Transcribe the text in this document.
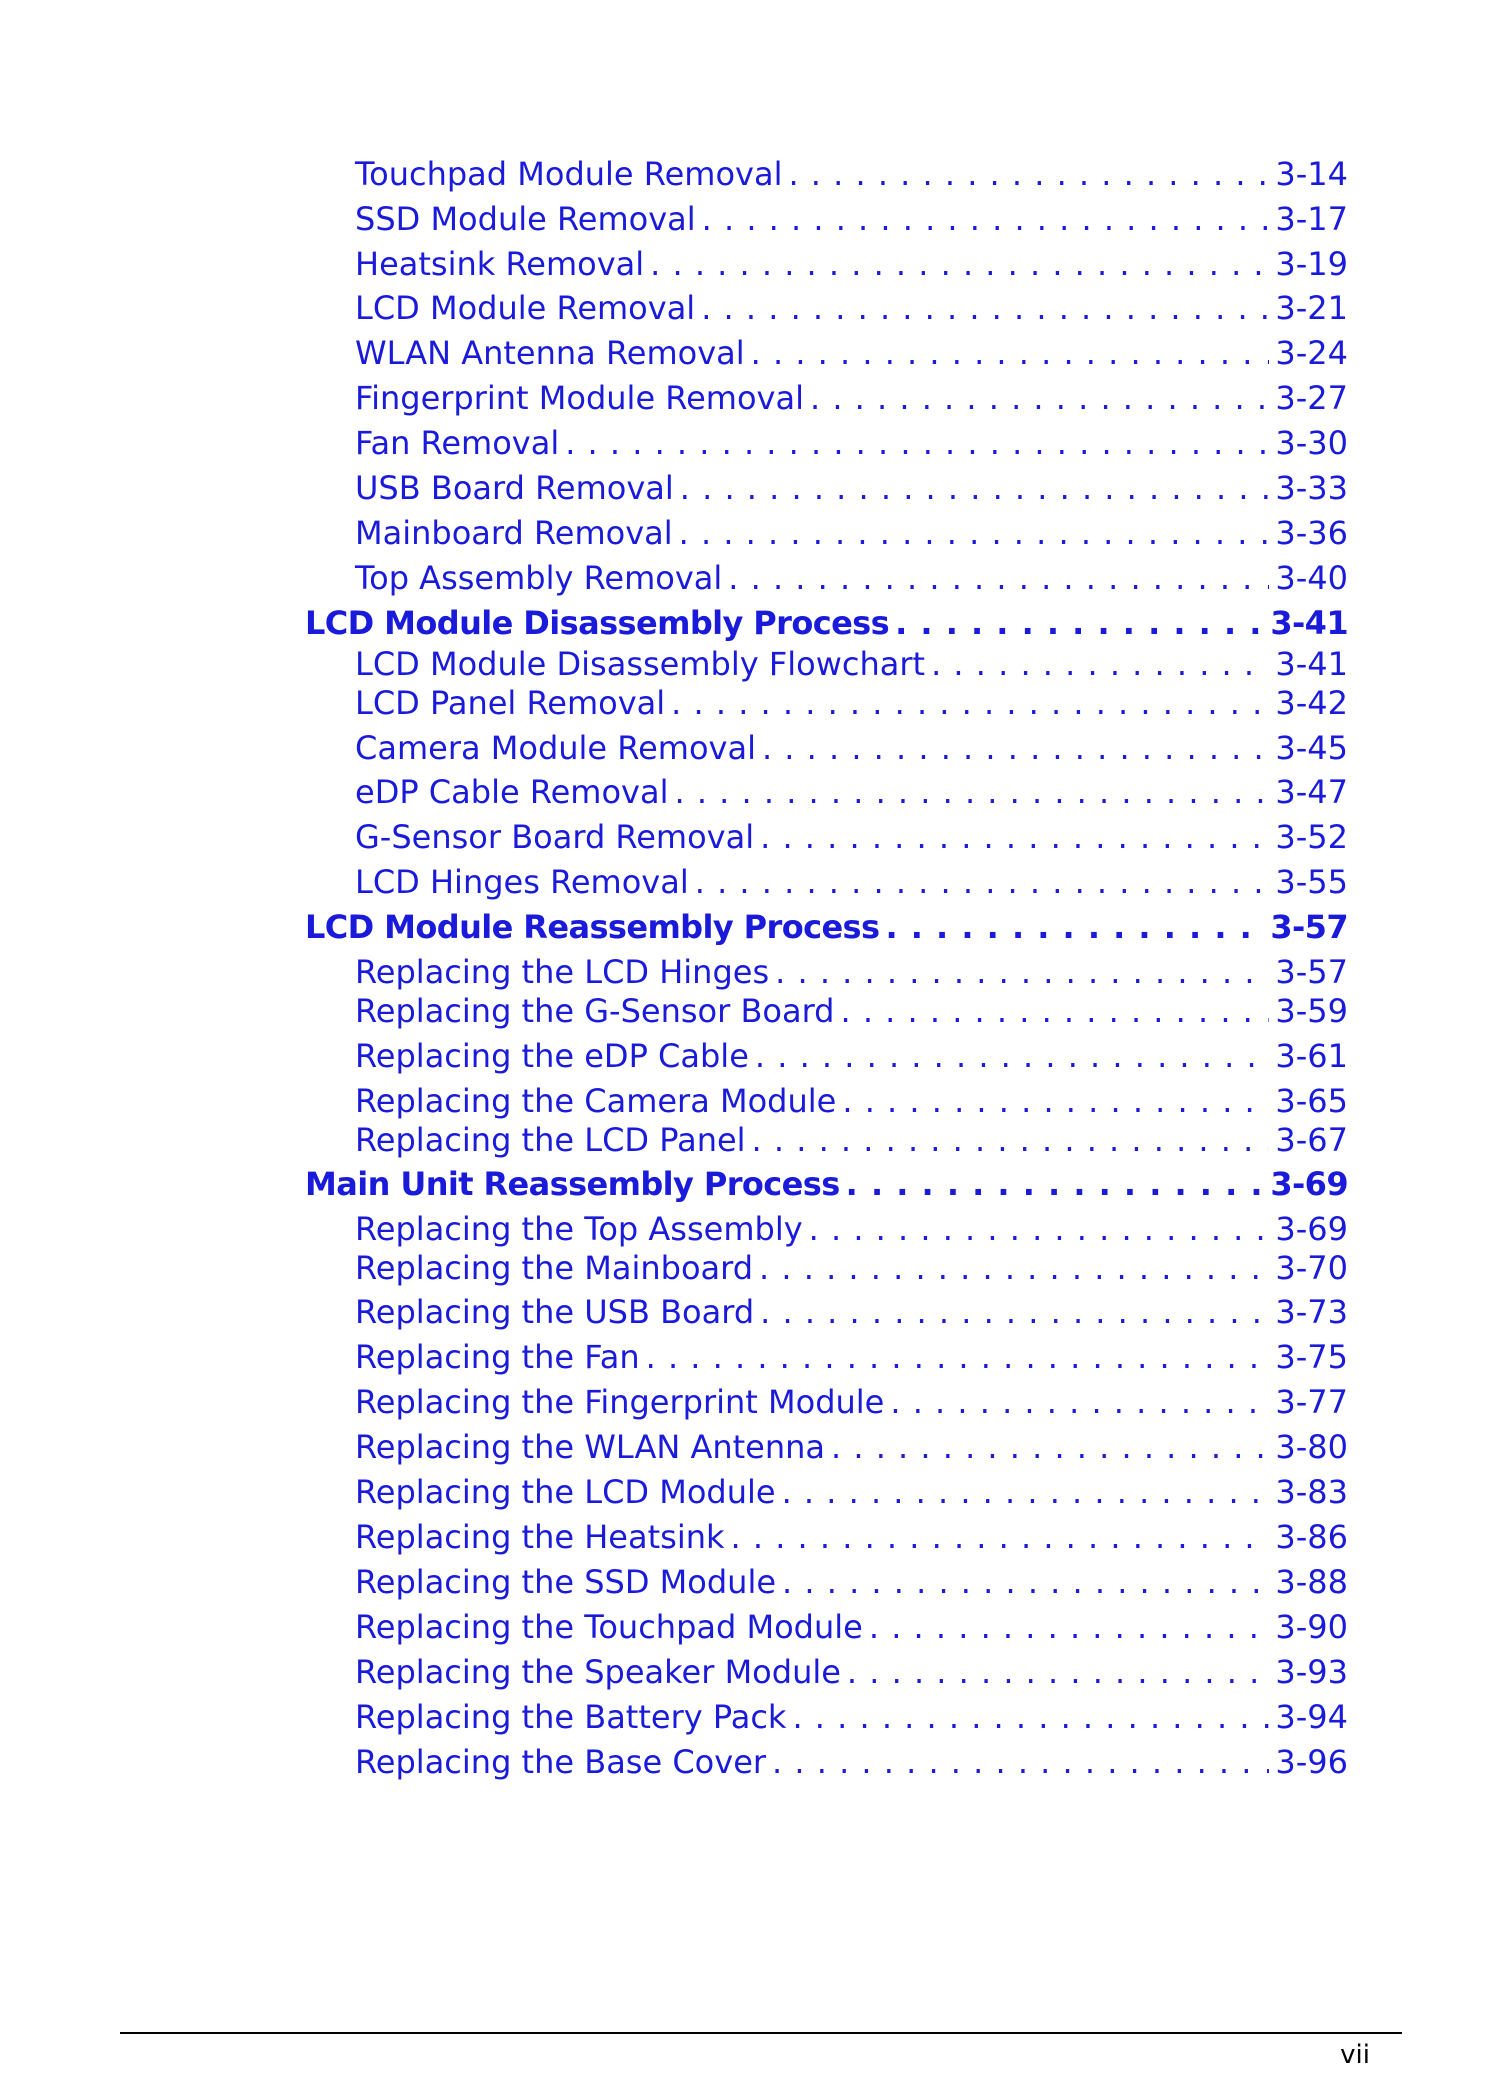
Touchpad Module Removal . . .	3-14
SSD Module Removal . . .	3-17
Heatsink Removal . . .	3-19
LCD Module Removal . . .	3-21
WLAN Antenna Removal . . .	3-24
Fingerprint Module Removal . . .	3-27
Fan Removal . . .	3-30
USB Board Removal . . .	3-33
Mainboard Removal . . .	3-36
Top Assembly Removal . . .	3-40
LCD Module Disassembly Process . . .	3-41
LCD Module Disassembly Flowchart . . .	3-41
LCD Panel Removal . . .	3-42
Camera Module Removal . . .	3-45
eDP Cable Removal . . .	3-47
G-Sensor Board Removal . . .	3-52
LCD Hinges Removal . . .	3-55
LCD Module Reassembly Process . . .	3-57
Replacing the LCD Hinges . . .	3-57
Replacing the G-Sensor Board . . .	3-59
Replacing the eDP Cable . . .	3-61
Replacing the Camera Module . . .	3-65
Replacing the LCD Panel . . .	3-67
Main Unit Reassembly Process . . .	3-69
Replacing the Top Assembly . . .	3-69
Replacing the Mainboard . . .	3-70
Replacing the USB Board . . .	3-73
Replacing the Fan . . .	3-75
Replacing the Fingerprint Module . . .	3-77
Replacing the WLAN Antenna . . .	3-80
Replacing the LCD Module . . .	3-83
Replacing the Heatsink . . .	3-86
Replacing the SSD Module . . .	3-88
Replacing the Touchpad Module . . .	3-90
Replacing the Speaker Module . . .	3-93
Replacing the Battery Pack . . .	3-94
Replacing the Base Cover . . .	3-96
vii
